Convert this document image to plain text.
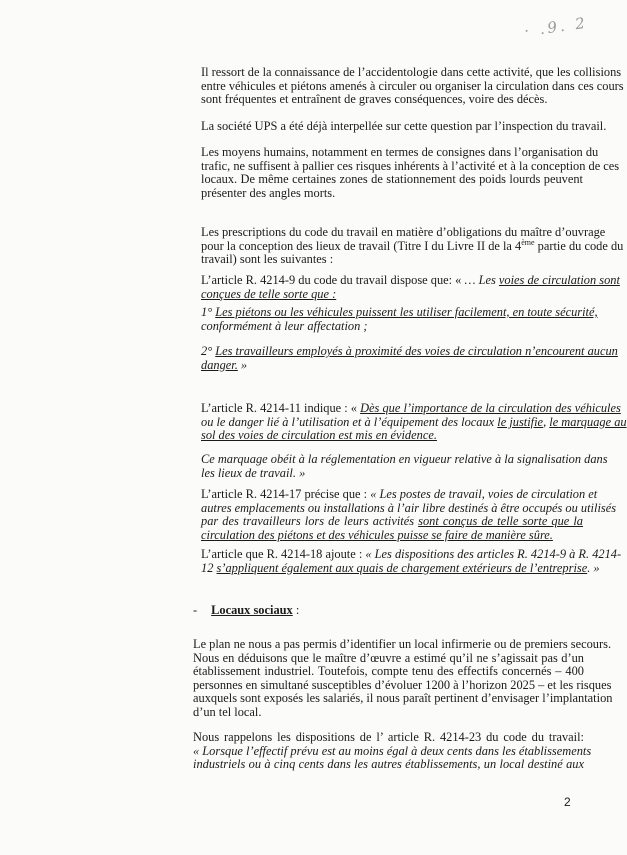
· .9. 2
Il ressort de la connaissance de l’accidentologie dans cette activité, que les collisions
entre véhicules et piétons amenés à circuler ou organiser la circulation dans ces cours
sont fréquentes et entraînent de graves conséquences, voire des décès.
La société UPS a été déjà interpellée sur cette question par l’inspection du travail.
Les moyens humains, notamment en termes de consignes dans l’organisation du
trafic, ne suffisent à pallier ces risques inhérents à l’activité et à la conception de ces
locaux. De même certaines zones de stationnement des poids lourds peuvent
présenter des angles morts.
Les prescriptions du code du travail en matière d’obligations du maître d’ouvrage
pour la conception des lieux de travail (Titre I du Livre II de la 4ème partie du code du
travail) sont les suivantes :
L’article R. 4214-9 du code du travail dispose que: « … Les voies de circulation sont
conçues de telle sorte que :
1° Les piétons ou les véhicules puissent les utiliser facilement, en toute sécurité,
conformément à leur affectation ;
2° Les travailleurs employés à proximité des voies de circulation n’encourent aucun
danger. »
L’article R. 4214-11 indique : « Dès que l’importance de la circulation des véhicules
ou le danger lié à l’utilisation et à l’équipement des locaux le justifie, le marquage au
sol des voies de circulation est mis en évidence.
Ce marquage obéit à la réglementation en vigueur relative à la signalisation dans
les lieux de travail. »
L’article R. 4214-17 précise que : « Les postes de travail, voies de circulation et
autres emplacements ou installations à l’air libre destinés à être occupés ou utilisés
par des travailleurs lors de leurs activités sont conçus de telle sorte que la
circulation des piétons et des véhicules puisse se faire de manière sûre.
L’article que R. 4214-18 ajoute : « Les dispositions des articles R. 4214-9 à R. 4214-
12 s’appliquent également aux quais de chargement extérieurs de l’entreprise. »
- Locaux sociaux :
Le plan ne nous a pas permis d’identifier un local infirmerie ou de premiers secours.
Nous en déduisons que le maître d’œuvre a estimé qu’il ne s’agissait pas d’un
établissement industriel. Toutefois, compte tenu des effectifs concernés – 400
personnes en simultané susceptibles d’évoluer 1200 à l’horizon 2025 – et les risques
auxquels sont exposés les salariés, il nous paraît pertinent d’envisager l’implantation
d’un tel local.
Nous rappelons les dispositions de l’ article R. 4214-23 du code du travail:
« Lorsque l’effectif prévu est au moins égal à deux cents dans les établissements
industriels ou à cinq cents dans les autres établissements, un local destiné aux
2
